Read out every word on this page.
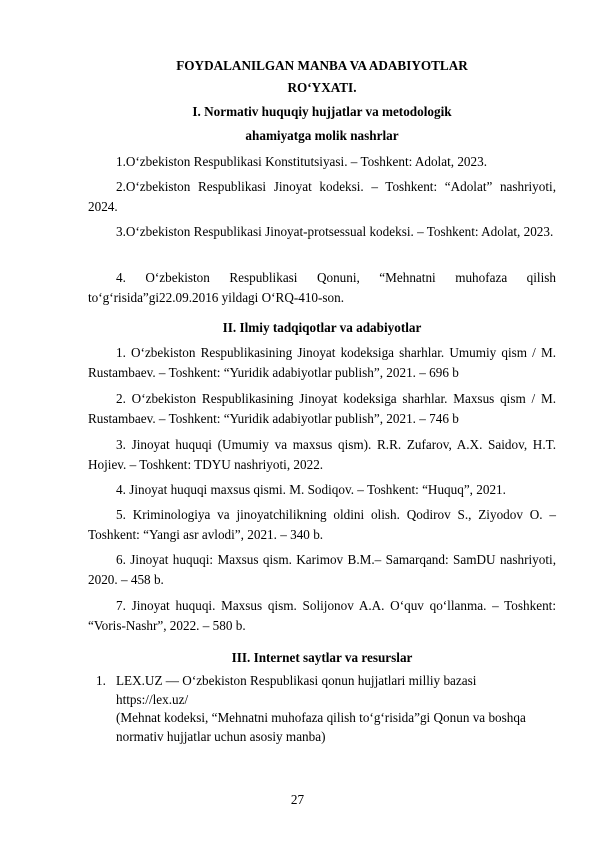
FOYDALANILGAN MANBA VA ADABIYOTLAR
RO‘YXATI.
I. Normativ huquqiy hujjatlar va metodologik
ahamiyatga molik nashrlar
1.O‘zbekiston Respublikasi Konstitutsiyasi. – Toshkent: Adolat, 2023.
2.O‘zbekiston Respublikasi Jinoyat kodeksi. – Toshkent: “Adolat” nashriyoti, 2024.
3.O‘zbekiston Respublikasi Jinoyat-protsessual kodeksi. – Toshkent: Adolat, 2023.
4. O‘zbekiston Respublikasi Qonuni, “Mehnatni muhofaza qilish to‘g‘risida”gi22.09.2016 yildagi O‘RQ-410-son.
II. Ilmiy tadqiqotlar va adabiyotlar
1. O‘zbekiston Respublikasining Jinoyat kodeksiga sharhlar. Umumiy qism / M. Rustambaev. – Toshkent: “Yuridik adabiyotlar publish”, 2021. – 696 b
2. O‘zbekiston Respublikasining Jinoyat kodeksiga sharhlar. Maxsus qism / M. Rustambaev. – Toshkent: “Yuridik adabiyotlar publish”, 2021. – 746 b
3. Jinoyat huquqi (Umumiy va maxsus qism). R.R. Zufarov, A.X. Saidov, H.T. Hojiev. – Toshkent: TDYU nashriyoti, 2022.
4. Jinoyat huquqi maxsus qismi. M. Sodiqov. – Toshkent: “Huquq”, 2021.
5. Kriminologiya va jinoyatchilikning oldini olish. Qodirov S., Ziyodov O. – Toshkent: “Yangi asr avlodi”, 2021. – 340 b.
6. Jinoyat huquqi: Maxsus qism. Karimov B.M.– Samarqand: SamDU nashriyoti, 2020. – 458 b.
7. Jinoyat huquqi. Maxsus qism. Solijonov A.A. O‘quv qo‘llanma. – Toshkent: “Voris-Nashr”, 2022. – 580 b.
III. Internet saytlar va resurslar
1. LEX.UZ — O‘zbekiston Respublikasi qonun hujjatlari milliy bazasi
https://lex.uz/
(Mehnat kodeksi, “Mehnatni muhofaza qilish to‘g‘risida”gi Qonun va boshqa normativ hujjatlar uchun asosiy manba)
27
